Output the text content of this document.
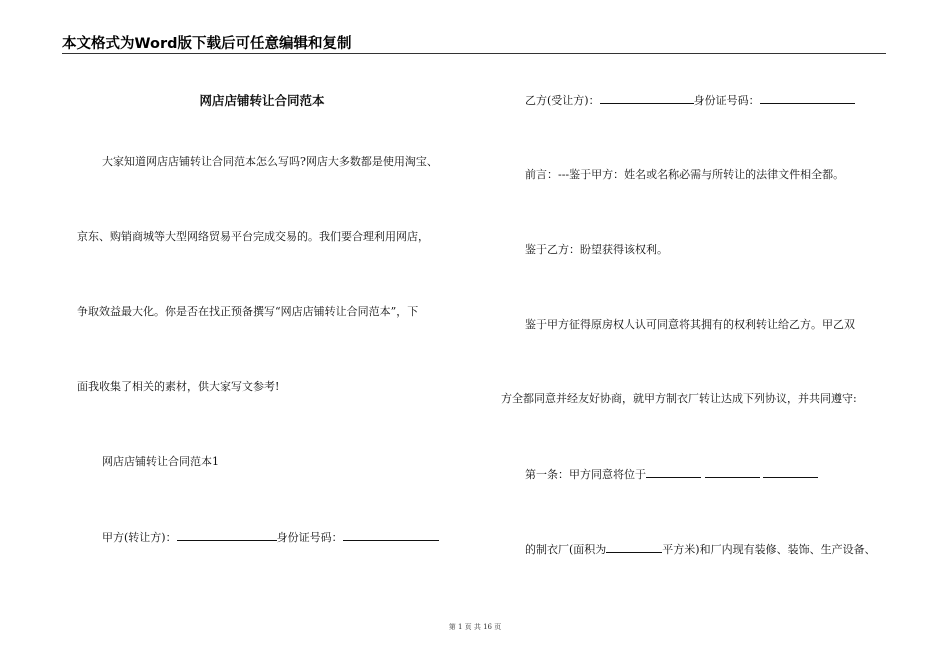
本文格式为Word版下载后可任意编辑和复制
网店店铺转让合同范本
大家知道网店店铺转让合同范本怎么写吗?网店大多数都是使用淘宝、
京东、购销商城等大型网络贸易平台完成交易的。我们要合理利用网店，
争取效益最大化。你是否在找正预备撰写“网店店铺转让合同范本”，下
面我收集了相关的素材，供大家写文参考!
网店店铺转让合同范本1
甲方(转让方)：	身份证号码：
乙方(受让方)：	身份证号码：
前言：---鉴于甲方：姓名或名称必需与所转让的法律文件相全都。
鉴于乙方：盼望获得该权利。
鉴于甲方征得原房权人认可同意将其拥有的权利转让给乙方。甲乙双
方全都同意并经友好协商，就甲方制衣厂转让达成下列协议，并共同遵守:
第一条：甲方同意将位于
的制衣厂(面积为	平方米)和厂内现有装修、装饰、生产设备、
第 1 页 共 16 页
